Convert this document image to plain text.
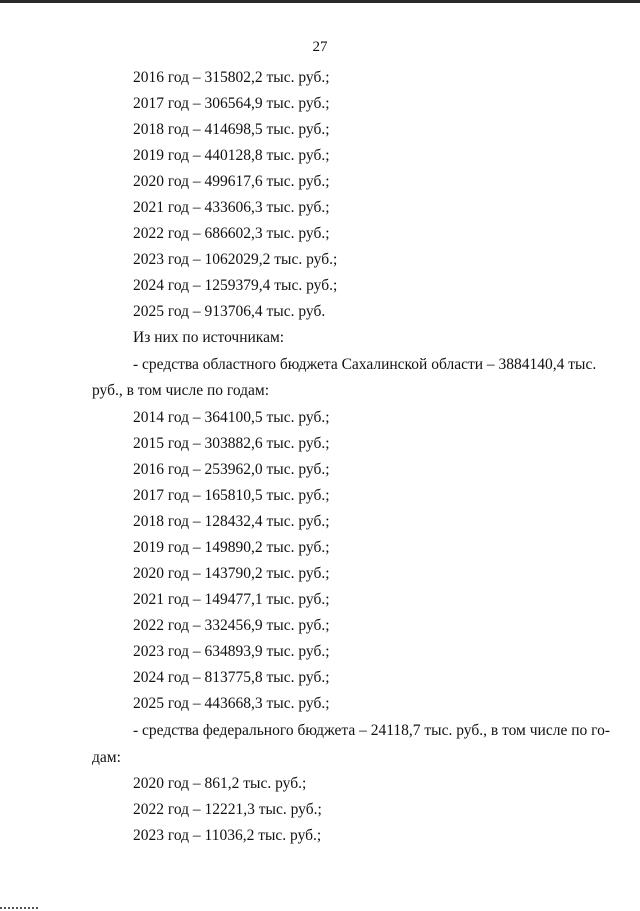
27
2016 год – 315802,2 тыс. руб.;
2017 год – 306564,9 тыс. руб.;
2018 год – 414698,5 тыс. руб.;
2019 год – 440128,8 тыс. руб.;
2020 год – 499617,6 тыс. руб.;
2021 год – 433606,3 тыс. руб.;
2022 год – 686602,3 тыс. руб.;
2023 год – 1062029,2 тыс. руб.;
2024 год – 1259379,4 тыс. руб.;
2025 год – 913706,4 тыс. руб.
Из них по источникам:
- средства областного бюджета Сахалинской области – 3884140,4 тыс.
руб., в том числе по годам:
2014 год – 364100,5 тыс. руб.;
2015 год – 303882,6 тыс. руб.;
2016 год – 253962,0 тыс. руб.;
2017 год – 165810,5 тыс. руб.;
2018 год – 128432,4 тыс. руб.;
2019 год – 149890,2 тыс. руб.;
2020 год – 143790,2 тыс. руб.;
2021 год – 149477,1 тыс. руб.;
2022 год – 332456,9 тыс. руб.;
2023 год – 634893,9 тыс. руб.;
2024 год – 813775,8 тыс. руб.;
2025 год – 443668,3 тыс. руб.;
- средства федерального бюджета – 24118,7 тыс. руб., в том числе по го-
дам:
2020 год – 861,2 тыс. руб.;
2022 год – 12221,3 тыс. руб.;
2023 год – 11036,2 тыс. руб.;
